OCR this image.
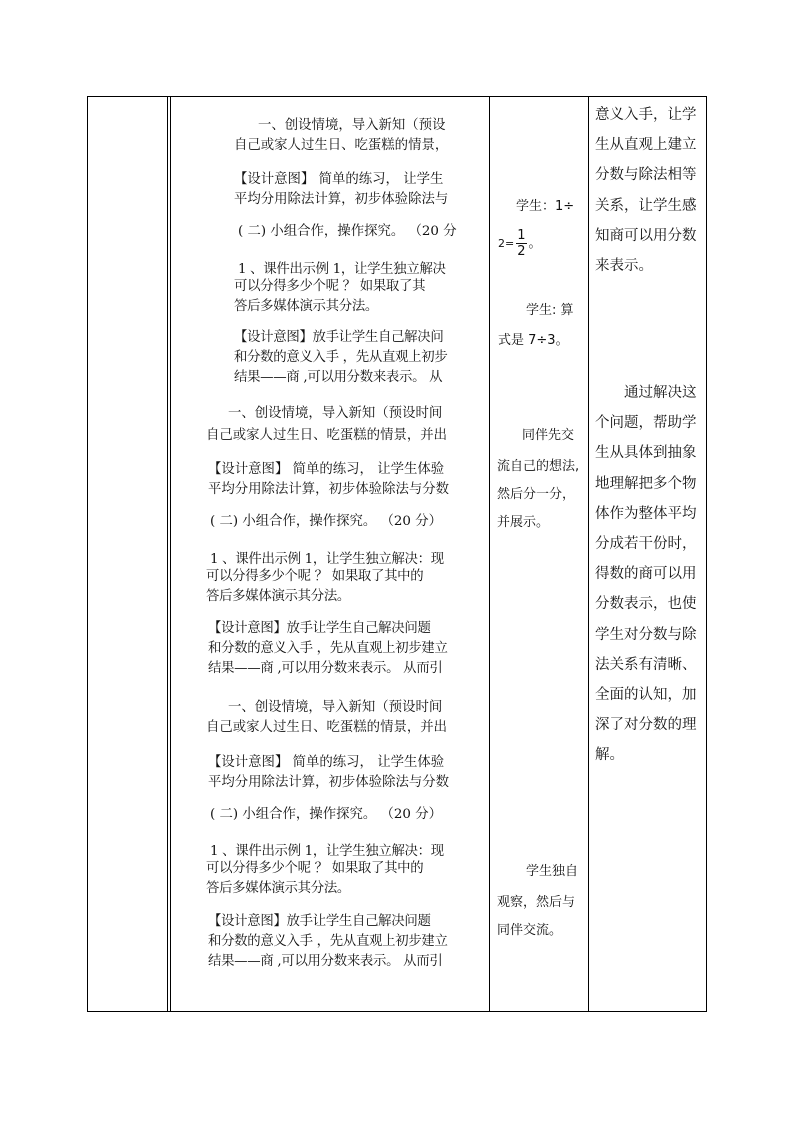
一、创设情境，导入新知（预设
自己或家人过生日、吃蛋糕的情景，
【设计意图】 简单的练习， 让学生
平均分用除法计算，初步体验除法与
( 二) 小组合作，操作探究。 （20 分
1 、课件出示例 1，让学生独立解决
可以分得多少个呢 ？ 如果取了其
答后多媒体演示其分法。
【设计意图】放手让学生自己解决问
和分数的意义入手 ，先从直观上初步
结果——商 ,可以用分数来表示。 从
一、创设情境，导入新知（预设时间
自己或家人过生日、吃蛋糕的情景，并出
【设计意图】 简单的练习， 让学生体验
平均分用除法计算，初步体验除法与分数
( 二) 小组合作，操作探究。 （20 分）
1 、课件出示例 1，让学生独立解决：现
可以分得多少个呢 ？ 如果取了其中的
答后多媒体演示其分法。
【设计意图】放手让学生自己解决问题
和分数的意义入手 ，先从直观上初步建立
结果——商 ,可以用分数来表示。 从而引
一、创设情境，导入新知（预设时间
自己或家人过生日、吃蛋糕的情景，并出
【设计意图】 简单的练习， 让学生体验
平均分用除法计算，初步体验除法与分数
( 二) 小组合作，操作探究。 （20 分）
1 、课件出示例 1，让学生独立解决：现
可以分得多少个呢 ？ 如果取了其中的
答后多媒体演示其分法。
【设计意图】放手让学生自己解决问题
和分数的意义入手 ，先从直观上初步建立
结果——商 ,可以用分数来表示。 从而引
学生：1÷
$2= \frac{1}{2}$ 。
学生: 算
式是 7÷3。
同伴先交
流自己的想法,
然后分一分，
并展示。
学生独自
观察，然后与
同伴交流。
意义入手，让学
生从直观上建立
分数与除法相等
关系，让学生感
知商可以用分数
来表示。
通过解决这
个问题，帮助学
生从具体到抽象
地理解把多个物
体作为整体平均
分成若干份时，
得数的商可以用
分数表示，也使
学生对分数与除
法关系有清晰、
全面的认知，加
深了对分数的理
解。
